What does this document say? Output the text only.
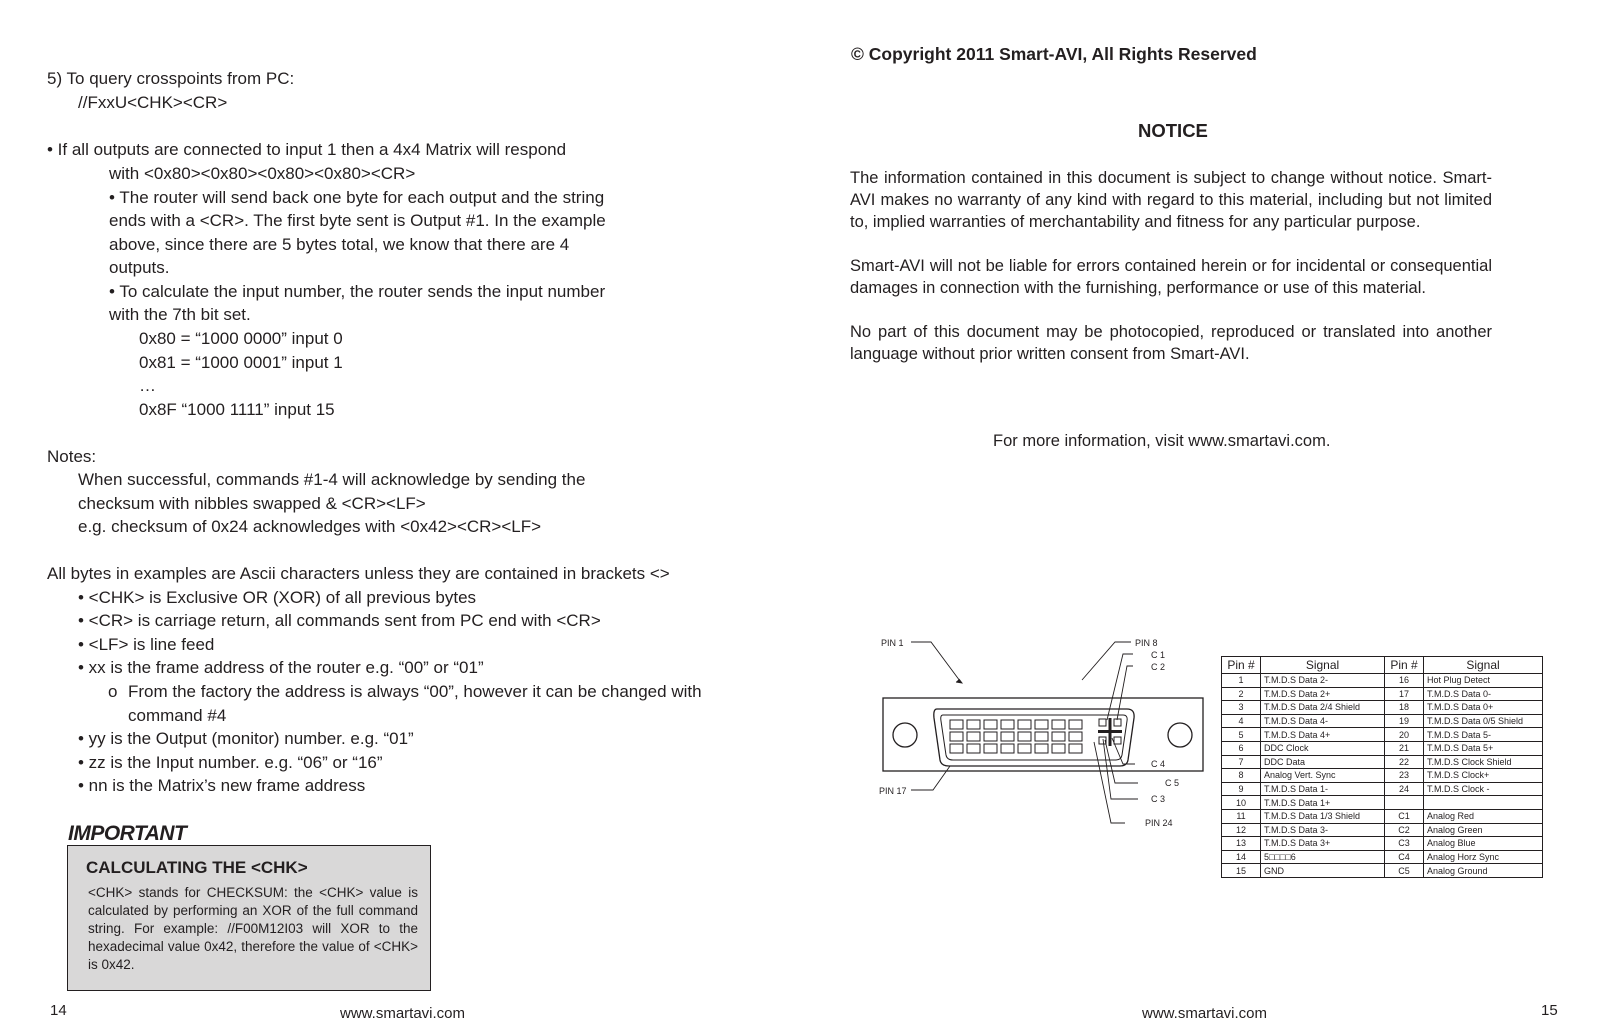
5) To query crosspoints from PC:
//FxxU<CHK><CR>
• If all outputs are connected to input 1 then a 4x4 Matrix will respond
with <0x80><0x80><0x80><0x80><CR>
• The router will send back one byte for each output and the string
ends with a <CR>. The first byte sent is Output #1. In the example
above, since there are 5 bytes total, we know that there are 4
outputs.
• To calculate the input number, the router sends the input number
with the 7th bit set.
0x80 = “1000 0000” input 0
0x81 = “1000 0001” input 1
…
0x8F “1000 1111” input 15
Notes:
When successful, commands #1-4 will acknowledge by sending the
checksum with nibbles swapped & <CR><LF>
e.g. checksum of 0x24 acknowledges with <0x42><CR><LF>
All bytes in examples are Ascii characters unless they are contained in brackets <>
• <CHK> is Exclusive OR (XOR) of all previous bytes
• <CR> is carriage return, all commands sent from PC end with <CR>
• <LF> is line feed
• xx is the frame address of the router e.g. “00” or “01”
o From the factory the address is always “00”, however it can be changed with
command #4
• yy is the Output (monitor) number. e.g. “01”
• zz is the Input number. e.g. “06” or “16”
• nn is the Matrix’s new frame address
IMPORTANT
CALCULATING THE <CHK>
<CHK> stands for CHECKSUM: the <CHK> value is calculated by performing an XOR of the full command string. For example: //F00M12I03 will XOR to the hexadecimal value 0x42, therefore the value of <CHK> is 0x42.
14	www.smartavi.com
© Copyright 2011 Smart-AVI, All Rights Reserved
NOTICE
The information contained in this document is subject to change without notice. Smart-AVI makes no warranty of any kind with regard to this material, including but not limited to, implied warranties of merchantability and fitness for any particular purpose.
Smart-AVI will not be liable for errors contained herein or for incidental or consequential damages in connection with the furnishing, performance or use of this material.
No part of this document may be photocopied, reproduced or translated into another language without prior written consent from Smart-AVI.
For more information, visit www.smartavi.com.
PIN 1	PIN 8
C 1
C 2
C 4
C 5
C 3
PIN 17
PIN 24
Pin #	Signal	Pin #	Signal
1	T.M.D.S Data 2-	16	Hot Plug Detect
2	T.M.D.S Data 2+	17	T.M.D.S Data 0-
3	T.M.D.S Data 2/4 Shield	18	T.M.D.S Data 0+
4	T.M.D.S Data 4-	19	T.M.D.S Data 0/5 Shield
5	T.M.D.S Data 4+	20	T.M.D.S Data 5-
6	DDC Clock	21	T.M.D.S Data 5+
7	DDC Data	22	T.M.D.S Clock Shield
8	Analog Vert. Sync	23	T.M.D.S Clock+
9	T.M.D.S Data 1-	24	T.M.D.S Clock -
10	T.M.D.S Data 1+		
11	T.M.D.S Data 1/3 Shield	C1	Analog Red
12	T.M.D.S Data 3-	C2	Analog Green
13	T.M.D.S Data 3+	C3	Analog Blue
14	5□□□□6	C4	Analog Horz Sync
15	GND	C5	Analog Ground
www.smartavi.com	15
